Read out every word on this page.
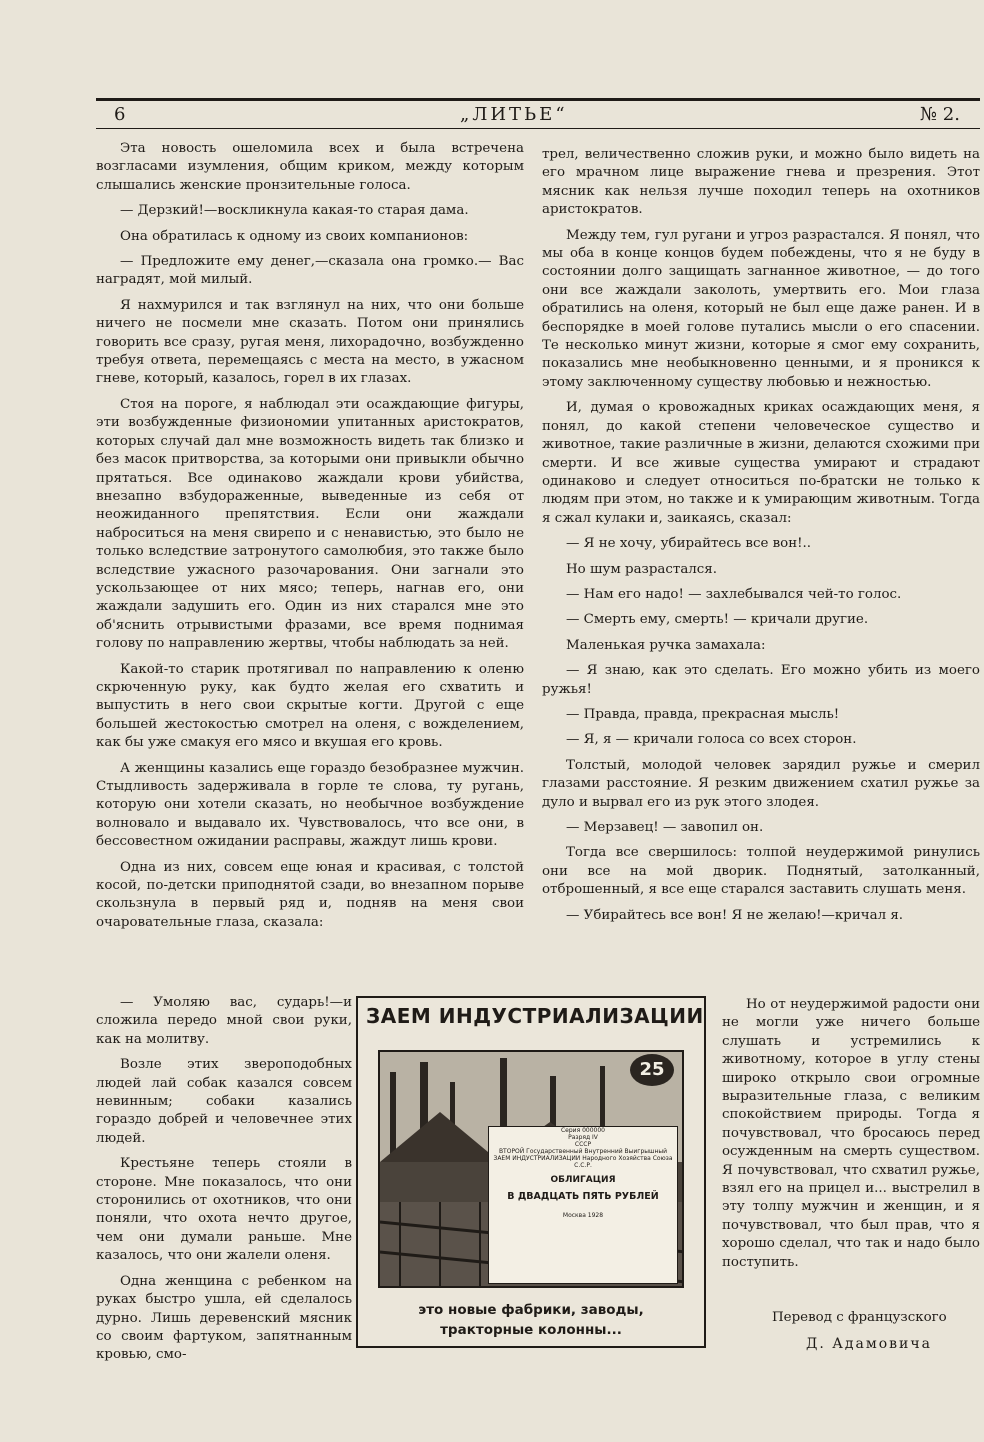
6	„ЛИТЬЕ“	№ 2.

Эта новость ошеломила всех и была встречена возгласами изумления, общим криком, между которым слышались женские пронзительные голоса.

— Дерзкий!—воскликнула какая-то старая дама.

Она обратилась к одному из своих компанионов:

— Предложите ему денег,—сказала она громко.— Вас наградят, мой милый.

Я нахмурился и так взглянул на них, что они больше ничего не посмели мне сказать. Потом они принялись говорить все сразу, ругая меня, лихорадочно, возбужденно требуя ответа, перемещаясь с места на место, в ужасном гневе, который, казалось, горел в их глазах.

Стоя на пороге, я наблюдал эти осаждающие фигуры, эти возбужденные физиономии упитанных аристократов, которых случай дал мне возможность видеть так близко и без масок притворства, за которыми они привыкли обычно прятаться. Все одинаково жаждали крови убийства, внезапно взбудораженные, выведенные из себя от неожиданного препятствия. Если они жаждали наброситься на меня свирепо и с ненавистью, это было не только вследствие затронутого самолюбия, это также было вследствие ужасного разочарования. Они загнали это ускользающее от них мясо; теперь, нагнав его, они жаждали задушить его. Один из них старался мне это об'яснить отрывистыми фразами, все время поднимая голову по направлению жертвы, чтобы наблюдать за ней.

Какой-то старик протягивал по направлению к оленю скрюченную руку, как будто желая его схватить и выпустить в него свои скрытые когти. Другой с еще большей жестокостью смотрел на оленя, с вожделением, как бы уже смакуя его мясо и вкушая его кровь.

А женщины казались еще гораздо безобразнее мужчин. Стыдливость задерживала в горле те слова, ту ругань, которую они хотели сказать, но необычное возбуждение волновало и выдавало их. Чувствовалось, что все они, в бессовестном ожидании расправы, жаждут лишь крови.

Одна из них, совсем еще юная и красивая, с толстой косой, по-детски приподнятой сзади, во внезапном порыве скользнула в первый ряд и, подняв на меня свои очаровательные глаза, сказала:

— Умоляю вас, сударь!—и сложила передо мной свои руки, как на молитву.

Возле этих звероподобных людей лай собак казался совсем невинным; собаки казались гораздо добрей и человечнее этих людей.

Крестьяне теперь стояли в стороне. Мне показалось, что они сторонились от охотников, что они поняли, что охота нечто другое, чем они думали раньше. Мне казалось, что они жалели оленя.

Одна женщина с ребенком на руках быстро ушла, ей сделалось дурно. Лишь деревенский мясник со своим фартуком, запятнанным кровью, смо-

трел, величественно сложив руки, и можно было видеть на его мрачном лице выражение гнева и презрения. Этот мясник как нельзя лучше походил теперь на охотников аристократов.

Между тем, гул ругани и угроз разрастался. Я понял, что мы оба в конце концов будем побеждены, что я не буду в состоянии долго защищать загнанное животное, — до того они все жаждали заколоть, умертвить его. Мои глаза обратились на оленя, который не был еще даже ранен. И в беспорядке в моей голове путались мысли о его спасении. Те несколько минут жизни, которые я смог ему сохранить, показались мне необыкновенно ценными, и я проникся к этому заключенному существу любовью и нежностью.

И, думая о кровожадных криках осаждающих меня, я понял, до какой степени человеческое существо и животное, такие различные в жизни, делаются схожими при смерти. И все живые существа умирают и страдают одинаково и следует относиться по-братски не только к людям при этом, но также и к умирающим животным. Тогда я сжал кулаки и, заикаясь, сказал:

— Я не хочу, убирайтесь все вон!..

Но шум разрастался.

— Нам его надо! — захлебывался чей-то голос.

— Смерть ему, смерть! — кричали другие.

Маленькая ручка замахала:

— Я знаю, как это сделать. Его можно убить из моего ружья!

— Правда, правда, прекрасная мысль!

— Я, я — кричали голоса со всех сторон.

Толстый, молодой человек зарядил ружье и смерил глазами расстояние. Я резким движением схатил ружье за дуло и вырвал его из рук этого злодея.

— Мерзавец! — завопил он.

Тогда все свершилось: толпой неудержимой ринулись они все на мой дворик. Поднятый, затолканный, отброшенный, я все еще старался заставить слушать меня.

— Убирайтесь все вон! Я не желаю!—кричал я.

Но от неудержимой радости они не могли уже ничего больше слушать и устремились к животному, которое в углу стены широко открыло свои огромные выразительные глаза, с великим спокойствием природы. Тогда я почувствовал, что бросаюсь перед осужденным на смерть существом. Я почувствовал, что схватил ружье, взял его на прицел и... выстрелил в эту толпу мужчин и женщин, и я почувствовал, что был прав, что я хорошо сделал, что так и надо было поступить.

ЗАЕМ ИНДУСТРИАЛИЗАЦИИ
25
Серия 000000
Разряд IV
СССР
ВТОРОЙ Государственный Внутренний Выигрышный
ЗАЕМ ИНДУСТРИАЛИЗАЦИИ Народного Хозяйства Союза С.С.Р.
ОБЛИГАЦИЯ
В ДВАДЦАТЬ ПЯТЬ РУБЛЕЙ
Москва 1928
это новые фабрики, заводы,
тракторные колонны...
Перевод с французского
Д. Адамовича
